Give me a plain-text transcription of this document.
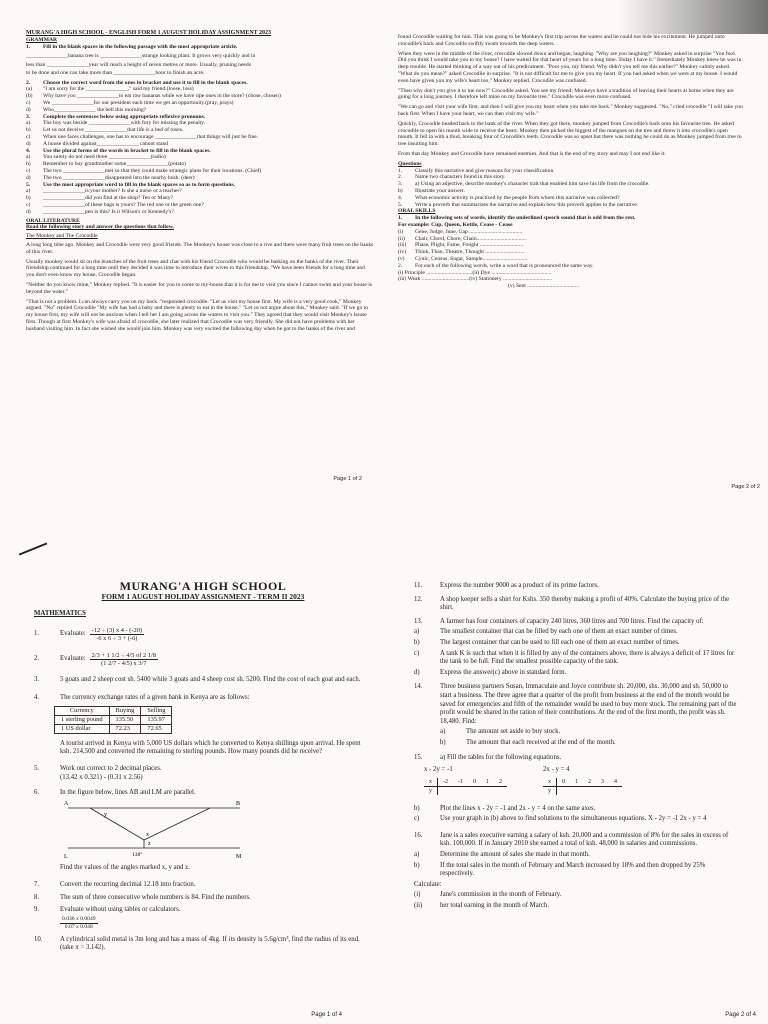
MURANG'A HIGH SCHOOL - ENGLISH FORM 1 AUGUST HOLIDAY ASSIGNMENT 2023
GRAMMAR
1.	Fill in the blank spaces in the following passage with the most appropriate article.
_______________banana tree is _______________strange looking plant. It grows very quickly and in
less than _______________year will reach a height of seven metres or more. Usually, pruning needs
to be done and one can take more than _______________hour to finish an acre.
2.	Choose the correct word from the ones in bracket and use it to fill in the blank spaces.
(a)	"I am sorry for the _______________," said my friend.(loose, loss)
(b)	Why have you _______________to eat raw bananas while we have ripe ones in the store? (chose, chosen)
c)	We _______________for our president each time we get an opportunity.(pray, prays)
d)	Who_______________ the bell this morning?
3.	Complete the sentences below using appropriate reflexive pronouns.
a)	The boy was beside _______________with fury for missing the penalty.
b)	Let us not deceive _______________that life is a bed of roses.
c)	When one faces challenges, one has to encourage _______________that things will just be fine.
d)	A house divided against_______________ cannot stand
4.	Use the plural forms of the words in bracket to fill in the blank spaces.
a)	You surely do not need three _______________(radio)
b)	Remember to buy grandmother some_______________(potato)
c)	The two _______________met so that they could make strategic plans for their locations. (Chief)
d)	The two _______________disappeared into the nearby bush. (deer)
5.	Use the most appropriate word to fill in the blank spaces so as to form questions.
a)	_______________is your mother? Is she a nurse or a teacher?
b)	_______________did you find at the shop? Ten or Many?
c)	_______________of these bags is yours? The red one or the green one?
d)	_______________pen is this? Is it Wilson's or Kennedy's?
ORAL LITERATURE
Read the following story and answer the questions that follow.
The Monkey and The Crocodile

A long long time ago. Monkey and Crocodile were very good friends. The Monkey's house was close to a rive and there were many fruit trees on the banks of this river.

Usually monkey would sit on the branches of the fruit trees and chat with his friend Crocodile who would be basking on the banks of the river. Their friendship continued for a long time until they decided it was time to introduce their wives to this friendship. "We have been friends for a long time and you don't even know my house, Crocodile began.

"Neither do you know mine," Monkey replied. "It is easier for you to come to my-house that it is for me to visit you since I cannot swim and your house is beyond the water."

"That is not a problem. I can always carry you on my back. "responded crocodile. "Let us visit my house first. My wife is a very good cook," Monkey argued. "No" replied Crocodile "My wife has had a baby and there is plenty to eat in the house." "Let us not argue about this," Monkey said. "If we go to my house first, my wife will not be anxious when I tell her I am going across the waters to visit you." They agreed that they would visit Monkey's house first. Though at first Monkey's wife was afraid of crocodile, she later realized that Crocodile was very friendly. She did not have problems with her husband visiting him. In fact she wished she would join him. Monkey was very excited the following day when he got to the banks of the river and

Page 1 of 2

found Crocodile waiting for him. This was going to be Monkey's first trip across the waters and he could not hide his excitement. He jumped onto crocodile's back and Crocodile swiftly swam towards the deep waters.

When they were in the middle of the river, crocodile slowed down and began, laughing. "Why are you laughing?" Monkey asked in surprise "You fool. Did you think I would take you to my house? I have waited for that heart of yours for a long time. Today I have it." Immediately Monkey knew he was in deep trouble. He started thinking of a way out of his predicament. "Poor you, my friend: Why didn't you tell me this earlier?" Monkey calmly asked. "What do you mean?" asked Crocodile in surprise. "It is not difficult for me to give you my heart. If you had asked when we were at my house. I would even have given you my wife's heart too," Monkey replied. Crocodile was confused.

"Then why don't you give it to me now?" Crocodile asked. You see my friend; Monkeys have a tradition of leaving their hearts at home when they are going for a long journey. I therefore left mine on my favourite tree." Crocodile was even more confused.

"We can go and visit your wife first, and then I will give you my heart when you take me back." Monkey suggested. "No," cried crocodile "I will take you back first. When I have your heart, we can then visit my wife."

Quickly, Crocodile headed back to the bank of the river. When they got there, monkey jumped from Crocodile's back onto his favourite tree. He asked crocodile to open his mouth wide to receive the heart. Monkey then picked the biggest of the mangoes on the tree and threw it into crocodile's open mouth. It fell in with a thud, breaking four of Crocodile's teeth. Crocodile was so upset but there was nothing he could do as Monkey jumped from tree to tree insulting him.

From that day Monkey and Crocodile have remained enemies. And that is the end of my story and may I not end like it.

Questions
1.	Classify this narrative and give reasons for your classification.
2.	Name two characters found in this story.
3.	a) Using an adjective, describe monkey's character trait that enabled him save his life from the crocodile.
b)	Illustrate your answer.
4.	What economic activity is practiced by the people from whom this narrative was collected?
5.	Write a proverb that summarizes the narrative and explain how this proverb applies to the narrative.
ORAL SKILLS
1.	In the following sets of words, identify the underlined speech sound that is odd from the rest.
For example: Cup, Queen, Kettle, Cease - Cease
(i)	Gene, Judge, June, Gap ......................................
(ii)	Chair, Chord, Chore, Chain....................................
(iii)	Phase, Plight, Fame, Freight ...............................
(iv)	Think, Than, Theatre, Thought ............................
(v)	Cynic, Census, Sugar, Sample................................
2.	For each of the following words, write a word that is pronounced the same way.
(i) Principle .................................(ii) Dye ...........................................
(iii) Weak ..................................(iv) Stationery ...................................
(v) Sent .....................................
Page 2 of 2
MURANG'A HIGH SCHOOL
FORM 1 AUGUST HOLIDAY ASSIGNMENT - TERM II 2023
MATHEMATICS
1.	Evaluate: $\frac{-12 \div (3) x 4 - (-20)}{-6 x 6 \div 3 + (-6)}$
2.	Evaluate: $\frac{2/3 + 1 1/2 \div 4/5 of 2 1/8}{(1 2/7 - 4/5) x 3/7}$
3.	5 goats and 2 sheep cost sh. 5400 while 3 goats and 4 sheep cost sh. 5200. Find the cost of each goat and each.
4.	The currency exchange rates of a given bank in Kenya are as follows:
Currency	Buying	Selling
1 sterling pound	135.50	135.97
1 US dollar	72.23	72.65
A tourist arrived in Kenya with 5,000 US dollars which he converted to Kenya shillings upon arrival. He spent ksh. 214,500 and converted the remaining to sterling pounds. How many pounds did he receive?
5.	Work out correct to 2 decimal places.
(13.42 x 0.321) - (0.31 x 2.56)
6.	In the figure below, lines AB and LM are parallel.
A	B
L	M
y
x
z
138°
Find the values of the angles marked x, y and z.
7.	Convert the recurring decimal 12.18 into fraction.
8.	The sum of three consecutive whole numbers is 84. Find the numbers.
9.	Evaluate without using tables or calculators.
$\frac{0.036 x 0.0049}{0.07 x 0.048}$
10.	A cylindrical solid metal is 3m long and has a mass of 4kg. If its density is 5.6g/cm³, find the radius of its end. (take π = 3.142).
Page 1 of 4
11.	Express the number 9000 as a product of its prime factors.
12.	A shop keeper sells a shirt for Kshs. 350 thereby making a profit of 40%. Calculate the buying price of the shirt.
13.	A farmer has four containers of capacity 240 litres, 360 litres and 700 litres. Find the capacity of:
a)	The smallest container that can be filled by each one of them an exact number of times.
b)	The largest container that can be used to fill each one of them an exact number of times.
c)	A tank K is such that when it is filled by any of the containers above, there is always a deficit of 17 litres for the tank to be full. Find the smallest possible capacity of the tank.
d)	Express the answer(c) above in standard form.
14.	Three business partners Susan, Immaculate and Joyce contribute sh. 20,000, shs. 30,000 and sh. 50,000 to start a business. The three agree that a quarter of the profit from business at the end of the month would be saved for emergencies and fifth of the remainder would be used to buy more stock. The remaining part of the profit would be shared in the ration of their contributions. At the end of the first month, the profit was sh. 18,480. Find:
a)	The amount set aside to buy stock.
b)	The amount that each received at the end of the month.
15.	a) Fill the tables for the following equations.
x - 2y = -1
x	-2	-1	0	1	2
y					
2x - y = 4
x	0	1	2	3	4
y					
b)	Plot the lines x - 2y = -1 and 2x - y = 4 on the same axes.
c)	Use your graph in (b) above to find solutions to the simultaneous equations. X - 2y = -1 2x - y = 4
16.	Jane is a sales executive earning a salary of ksh. 20,000 and a commission of 8% for the sales in excess of ksh. 100,000. If in January 2010 she earned a total of ksh. 48,000 in salaries and commissions.
a)	Determine the amount of sales she made in that month.
b)	If the total sales in the month of February and March increased by 18% and then dropped by 25% respectively.
Calculate:
(i)	Jane's commission in the month of February.
(ii)	her total earning in the month of March.
Page 2 of 4
